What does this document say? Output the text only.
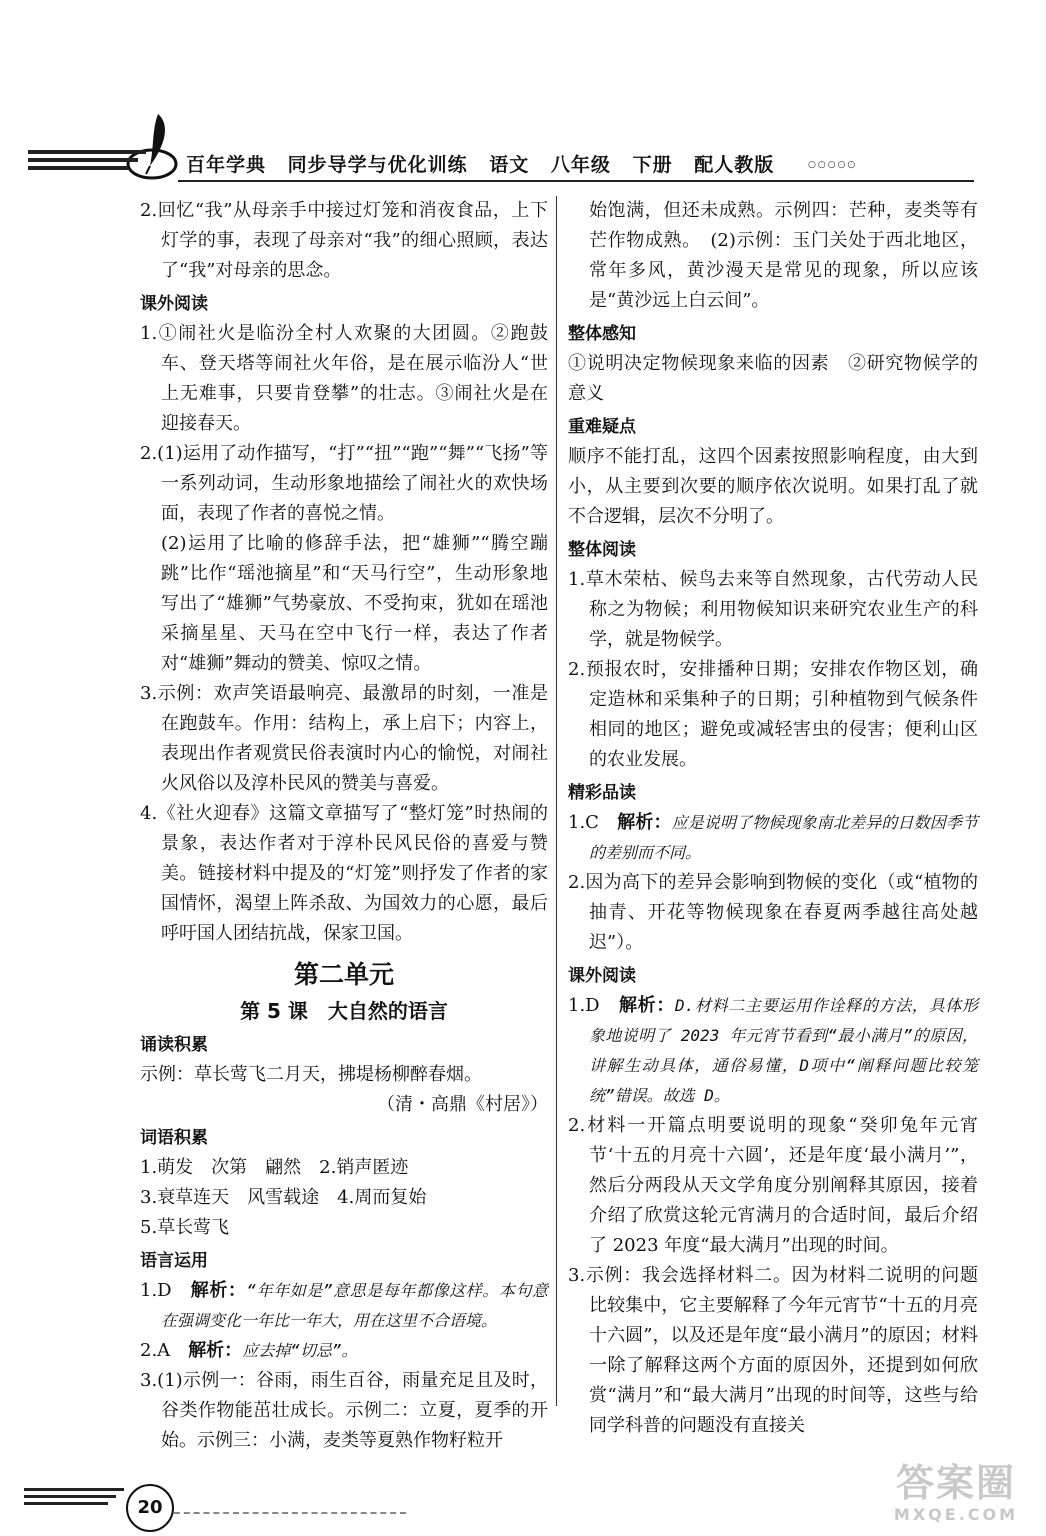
百年学典 同步导学与优化训练 语文 八年级 下册 配人教版	○○○○○

2.回忆“我”从母亲手中接过灯笼和消夜食品，上下灯学的事，表现了母亲对“我”的细心照顾，表达了“我”对母亲的思念。

课外阅读

1.①闹社火是临汾全村人欢聚的大团圆。②跑鼓车、登天塔等闹社火年俗，是在展示临汾人“世上无难事，只要肯登攀”的壮志。③闹社火是在迎接春天。

2.(1)运用了动作描写，“打”“扭”“跑”“舞”“飞扬”等一系列动词，生动形象地描绘了闹社火的欢快场面，表现了作者的喜悦之情。

(2)运用了比喻的修辞手法，把“雄狮”“腾空蹦跳”比作“瑶池摘星”和“天马行空”，生动形象地写出了“雄狮”气势豪放、不受拘束，犹如在瑶池采摘星星、天马在空中飞行一样，表达了作者对“雄狮”舞动的赞美、惊叹之情。

3.示例：欢声笑语最响亮、最激昂的时刻，一准是在跑鼓车。作用：结构上，承上启下；内容上，表现出作者观赏民俗表演时内心的愉悦，对闹社火风俗以及淳朴民风的赞美与喜爱。

4.《社火迎春》这篇文章描写了“整灯笼”时热闹的景象，表达作者对于淳朴民风民俗的喜爱与赞美。链接材料中提及的“灯笼”则抒发了作者的家国情怀，渴望上阵杀敌、为国效力的心愿，最后呼吁国人团结抗战，保家卫国。

第二单元

第 5 课　大自然的语言

诵读积累

示例：草长莺飞二月天，拂堤杨柳醉春烟。

（清・高鼎《村居》）

词语积累

1.萌发　次第　翩然　2.销声匿迹

3.衰草连天　风雪载途　4.周而复始

5.草长莺飞

语言运用

1.D　 解析：“年年如是”意思是每年都像这样。本句意在强调变化一年比一年大，用在这里不合语境。

2.A　 解析：应去掉“切忌”。

3.(1)示例一：谷雨，雨生百谷，雨量充足且及时，谷类作物能茁壮成长。示例二：立夏，夏季的开始。示例三：小满，麦类等夏熟作物籽粒开

始饱满，但还未成熟。示例四：芒种，麦类等有芒作物成熟。　(2)示例：玉门关处于西北地区，常年多风，黄沙漫天是常见的现象，所以应该是“黄沙远上白云间”。

整体感知

①说明决定物候现象来临的因素　②研究物候学的意义

重难疑点

顺序不能打乱，这四个因素按照影响程度，由大到小，从主要到次要的顺序依次说明。如果打乱了就不合逻辑，层次不分明了。

整体阅读

1.草木荣枯、候鸟去来等自然现象，古代劳动人民称之为物候；利用物候知识来研究农业生产的科学，就是物候学。

2.预报农时，安排播种日期；安排农作物区划，确定造林和采集种子的日期；引种植物到气候条件相同的地区；避免或减轻害虫的侵害；便利山区的农业发展。

精彩品读

1.C　 解析：应是说明了物候现象南北差异的日数因季节的差别而不同。

2.因为高下的差异会影响到物候的变化（或“植物的抽青、开花等物候现象在春夏两季越往高处越迟”）。

课外阅读

1.D　 解析：D.材料二主要运用作诠释的方法，具体形象地说明了 2023 年元宵节看到“最小满月”的原因，讲解生动具体，通俗易懂，D项中“阐释问题比较笼统”错误。故选 D。

2.材料一开篇点明要说明的现象“癸卯兔年元宵节‘十五的月亮十六圆’，还是年度‘最小满月’”，然后分两段从天文学角度分别阐释其原因，接着介绍了欣赏这轮元宵满月的合适时间，最后介绍了 2023 年度“最大满月”出现的时间。

3.示例：我会选择材料二。因为材料二说明的问题比较集中，它主要解释了今年元宵节“十五的月亮十六圆”，以及还是年度“最小满月”的原因；材料一除了解释这两个方面的原因外，还提到如何欣赏“满月”和“最大满月”出现的时间等，这些与给同学科普的问题没有直接关

20
答案圈
MXQE.COM
